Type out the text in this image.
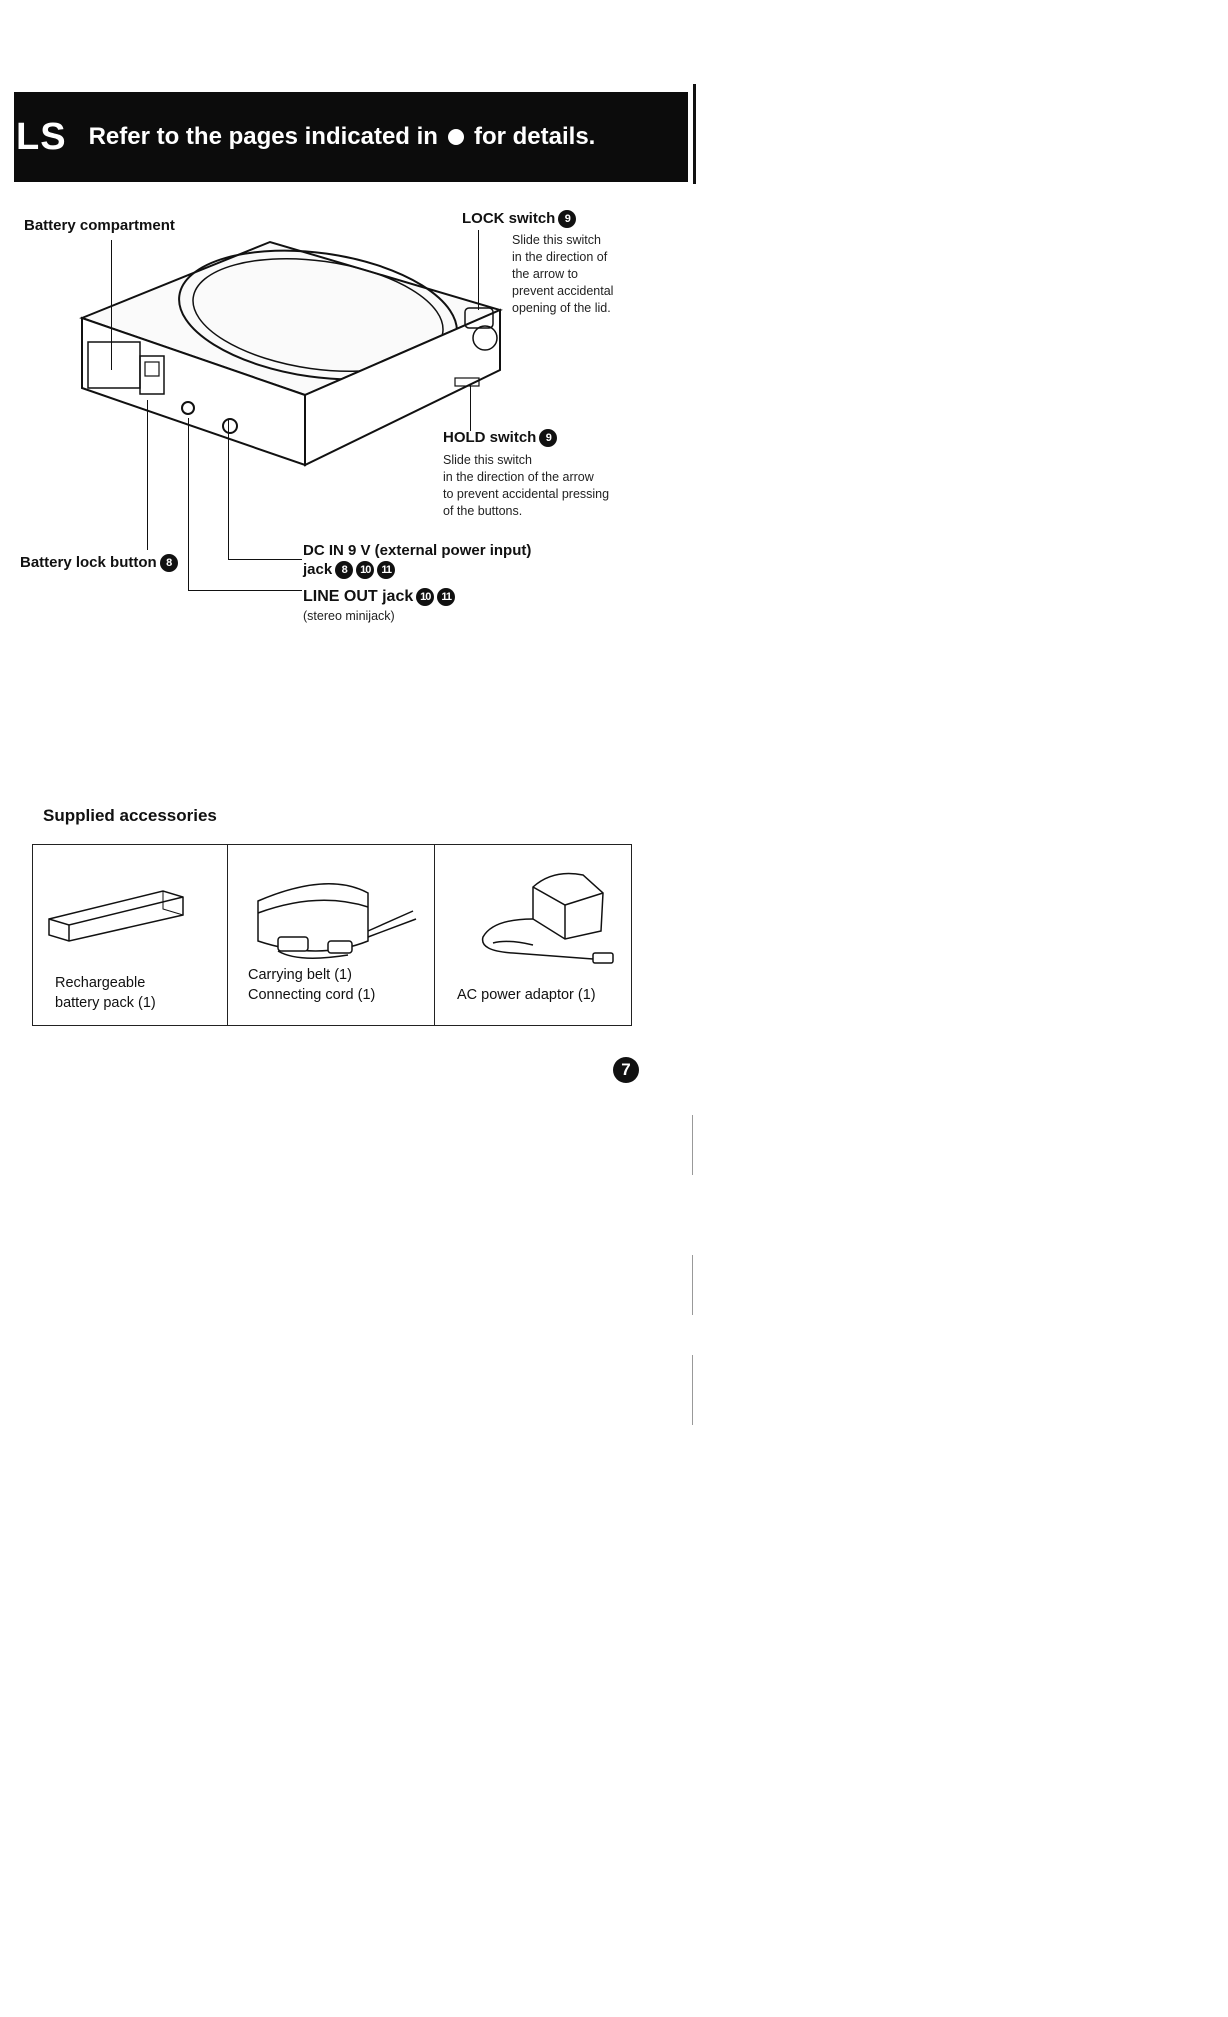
LS Refer to the pages indicated in for details.
Battery compartment	LOCK switch 9
Slide this switch
in the direction of
the arrow to
prevent accidental
opening of the lid.
HOLD switch 9
Slide this switch
in the direction of the arrow
to prevent accidental pressing
of the buttons.
Battery lock button 8
DC IN 9 V (external power input)
jack 8 10 11
LINE OUT jack 10 11
(stereo minijack)
Supplied accessories
Rechargeable
battery pack (1)
Carrying belt (1)
Connecting cord (1)	AC power adaptor (1)
7
